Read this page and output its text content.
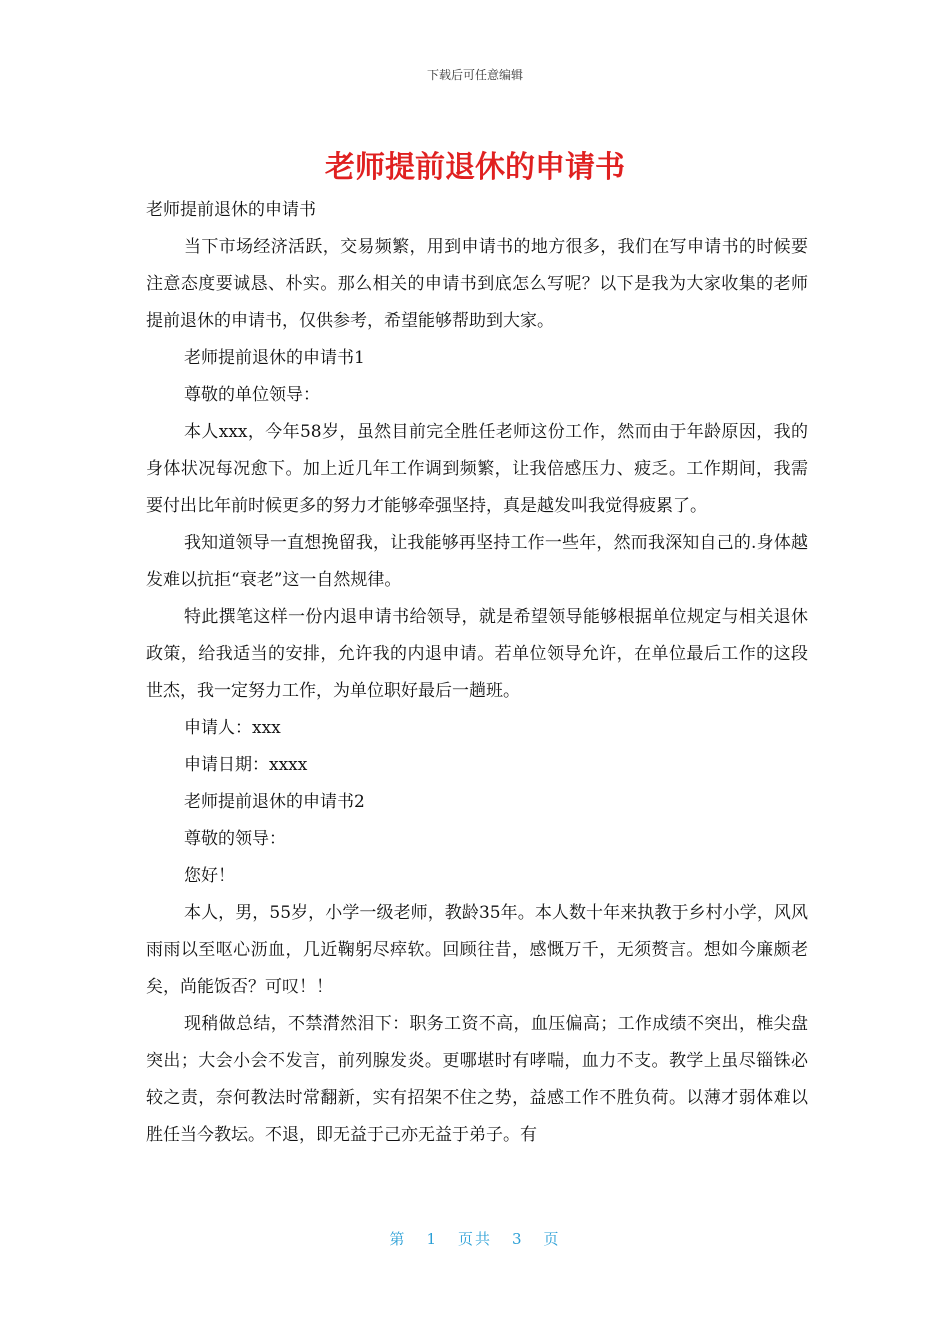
下载后可任意编辑
老师提前退休的申请书

老师提前退休的申请书

当下市场经济活跃，交易频繁，用到申请书的地方很多，我们在写申请书的时候要注意态度要诚恳、朴实。那么相关的申请书到底怎么写呢？以下是我为大家收集的老师提前退休的申请书，仅供参考，希望能够帮助到大家。

老师提前退休的申请书1

尊敬的单位领导：

本人xxx，今年58岁，虽然目前完全胜任老师这份工作，然而由于年龄原因，我的身体状况每况愈下。加上近几年工作调到频繁，让我倍感压力、疲乏。工作期间，我需要付出比年前时候更多的努力才能够牵强坚持，真是越发叫我觉得疲累了。

我知道领导一直想挽留我，让我能够再坚持工作一些年，然而我深知自己的.身体越发难以抗拒“衰老”这一自然规律。

特此撰笔这样一份内退申请书给领导，就是希望领导能够根据单位规定与相关退休政策，给我适当的安排，允许我的内退申请。若单位领导允许，在单位最后工作的这段世杰，我一定努力工作，为单位职好最后一趟班。

申请人：xxx

申请日期：xxxx

老师提前退休的申请书2

尊敬的领导：

您好！

本人，男，55岁，小学一级老师，教龄35年。本人数十年来执教于乡村小学，风风雨雨以至呕心沥血，几近鞠躬尽瘁软。回顾往昔，感慨万千，无须赘言。想如今廉颇老矣，尚能饭否？可叹！！

现稍做总结，不禁潸然泪下：职务工资不高，血压偏高；工作成绩不突出，椎尖盘突出；大会小会不发言，前列腺发炎。更哪堪时有哮喘，血力不支。教学上虽尽锱铢必较之责，奈何教法时常翻新，实有招架不住之势，益感工作不胜负荷。以薄才弱体难以胜任当今教坛。不退，即无益于己亦无益于弟子。有

第 1 页共 3 页
